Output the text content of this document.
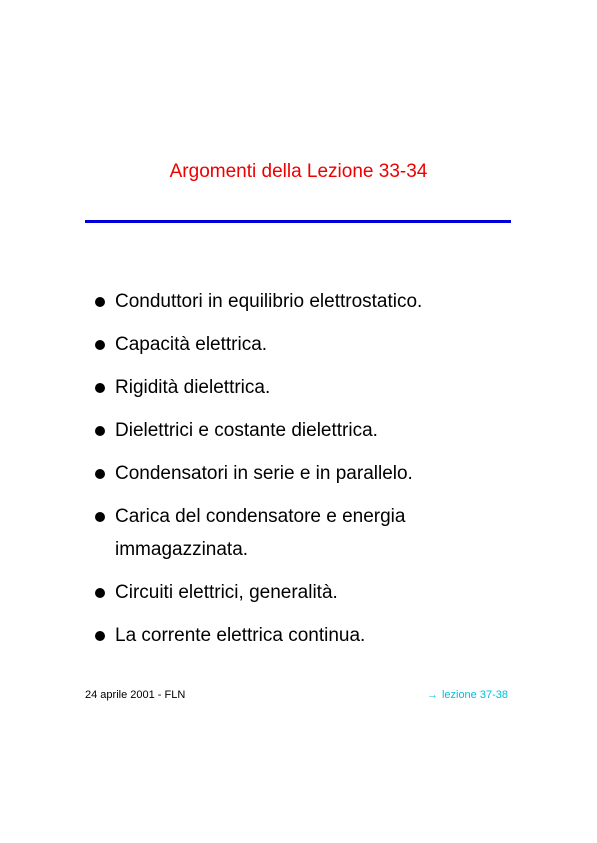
Argomenti della Lezione 33-34
Conduttori in equilibrio elettrostatico.
Capacità elettrica.
Rigidità dielettrica.
Dielettrici e costante dielettrica.
Condensatori in serie e in parallelo.
Carica del condensatore e energia immagazzinata.
Circuiti elettrici, generalità.
La corrente elettrica continua.
24 aprile 2001 - FLN	→ lezione 37-38
